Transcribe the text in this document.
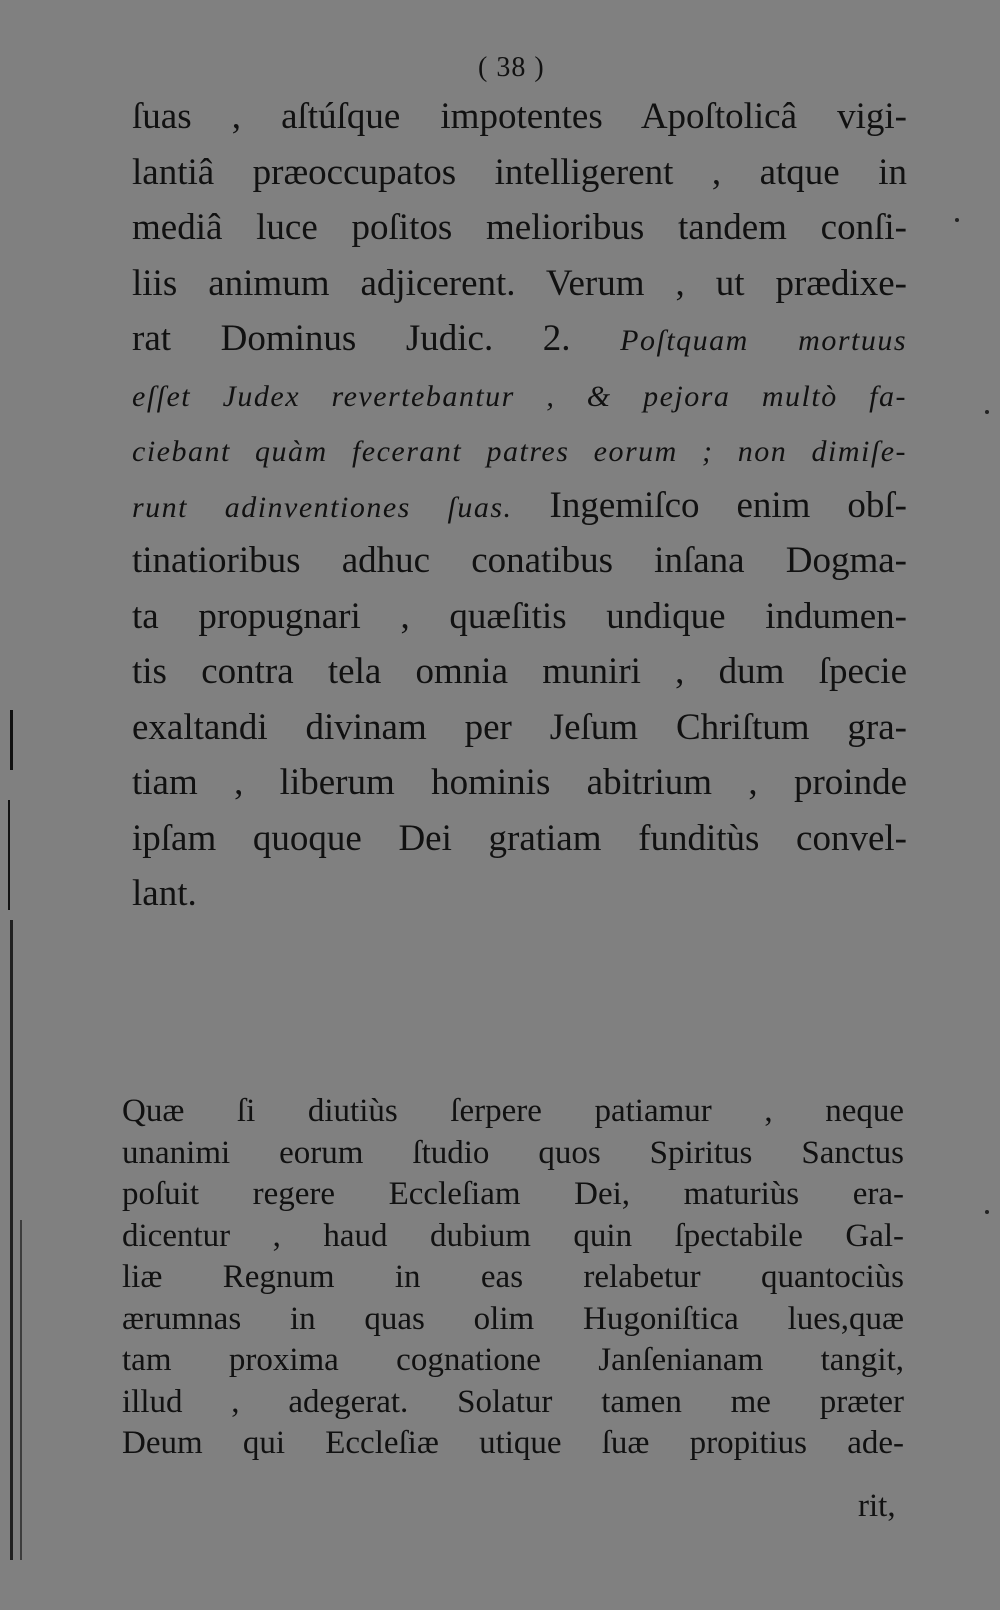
( 38 )
ſuas , aſtúſque impotentes Apoſtolicâ vigi-
lantiâ præoccupatos intelligerent , atque in
mediâ luce poſitos melioribus tandem conſi-
liis animum adjicerent. Verum , ut prædixe-
rat Dominus Judic. 2. Poſtquam mortuus
eſſet Judex revertebantur , & pejora multò fa-
ciebant quàm fecerant patres eorum ; non dimiſe-
runt adinventiones ſuas. Ingemiſco enim obſ-
tinatioribus adhuc conatibus inſana Dogma-
ta propugnari , quæſitis undique indumen-
tis contra tela omnia muniri , dum ſpecie
exaltandi divinam per Jeſum Chriſtum gra-
tiam , liberum hominis abitrium , proinde
ipſam quoque Dei gratiam funditùs convel-
lant.
Quæ ſi diutiùs ſerpere patiamur , neque
unanimi eorum ſtudio quos Spiritus Sanctus
poſuit regere Eccleſiam Dei, maturiùs era-
dicentur , haud dubium quin ſpectabile Gal-
liæ Regnum in eas relabetur quantociùs
ærumnas in quas olim Hugoniſtica lues,quæ
tam proxima cognatione Janſenianam tangit,
illud , adegerat. Solatur tamen me præter
Deum qui Eccleſiæ utique ſuæ propitius ade-
rit,
